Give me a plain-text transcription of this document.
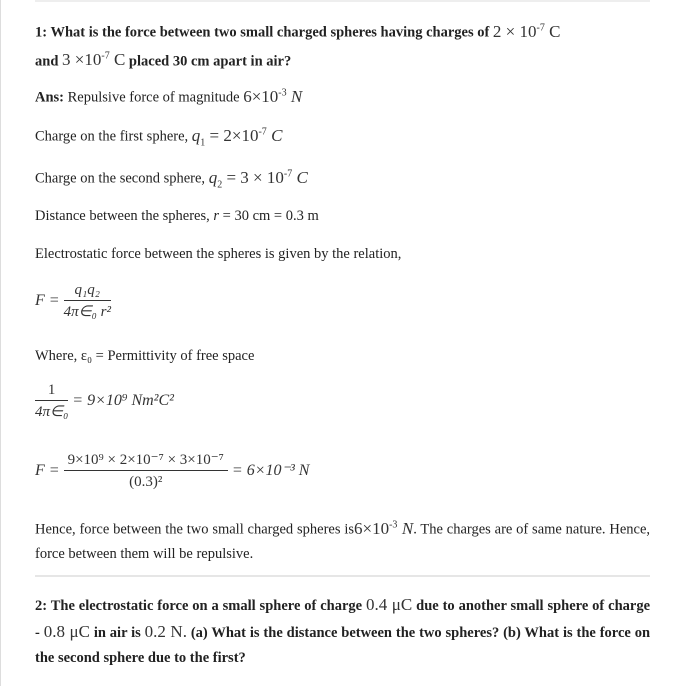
1: What is the force between two small charged spheres having charges of $2 \times 10^{-7}$ C
and $3 \times 10^{-7}$ C placed 30 cm apart in air?
Ans: Repulsive force of magnitude $6\times 10^{-3}$ N
Charge on the first sphere, $q_1 = 2\times 10^{-7}$ C
Charge on the second sphere, $q_2 = 3 \times 10^{-7}$ C
Distance between the spheres, r = 30 cm = 0.3 m
Electrostatic force between the spheres is given by the relation,
$F = \frac{\text{q₁q₂}}{\text{4π∈₀ r²}}$
Where, ε₀ = Permittivity of free space
$\frac{1}{\text{4π∈₀}} = 9\times 10^9$ Nm²C²
$F = \frac{\text{9×10⁹ × 2×10⁻⁷ × 3×10⁻⁷}}{\text{(0.3)²}} = 6\times 10^{-3}$ N
Hence, force between the two small charged spheres $is6\times 10^{-3}$ N. The charges are of same nature. Hence, force between them will be repulsive.
2: The electrostatic force on a small sphere of charge 0.4 μC due to another small sphere of charge - 0.8 μC in air is 0.2 N. (a) What is the distance between the two spheres? (b) What is the force on the second sphere due to the first?
